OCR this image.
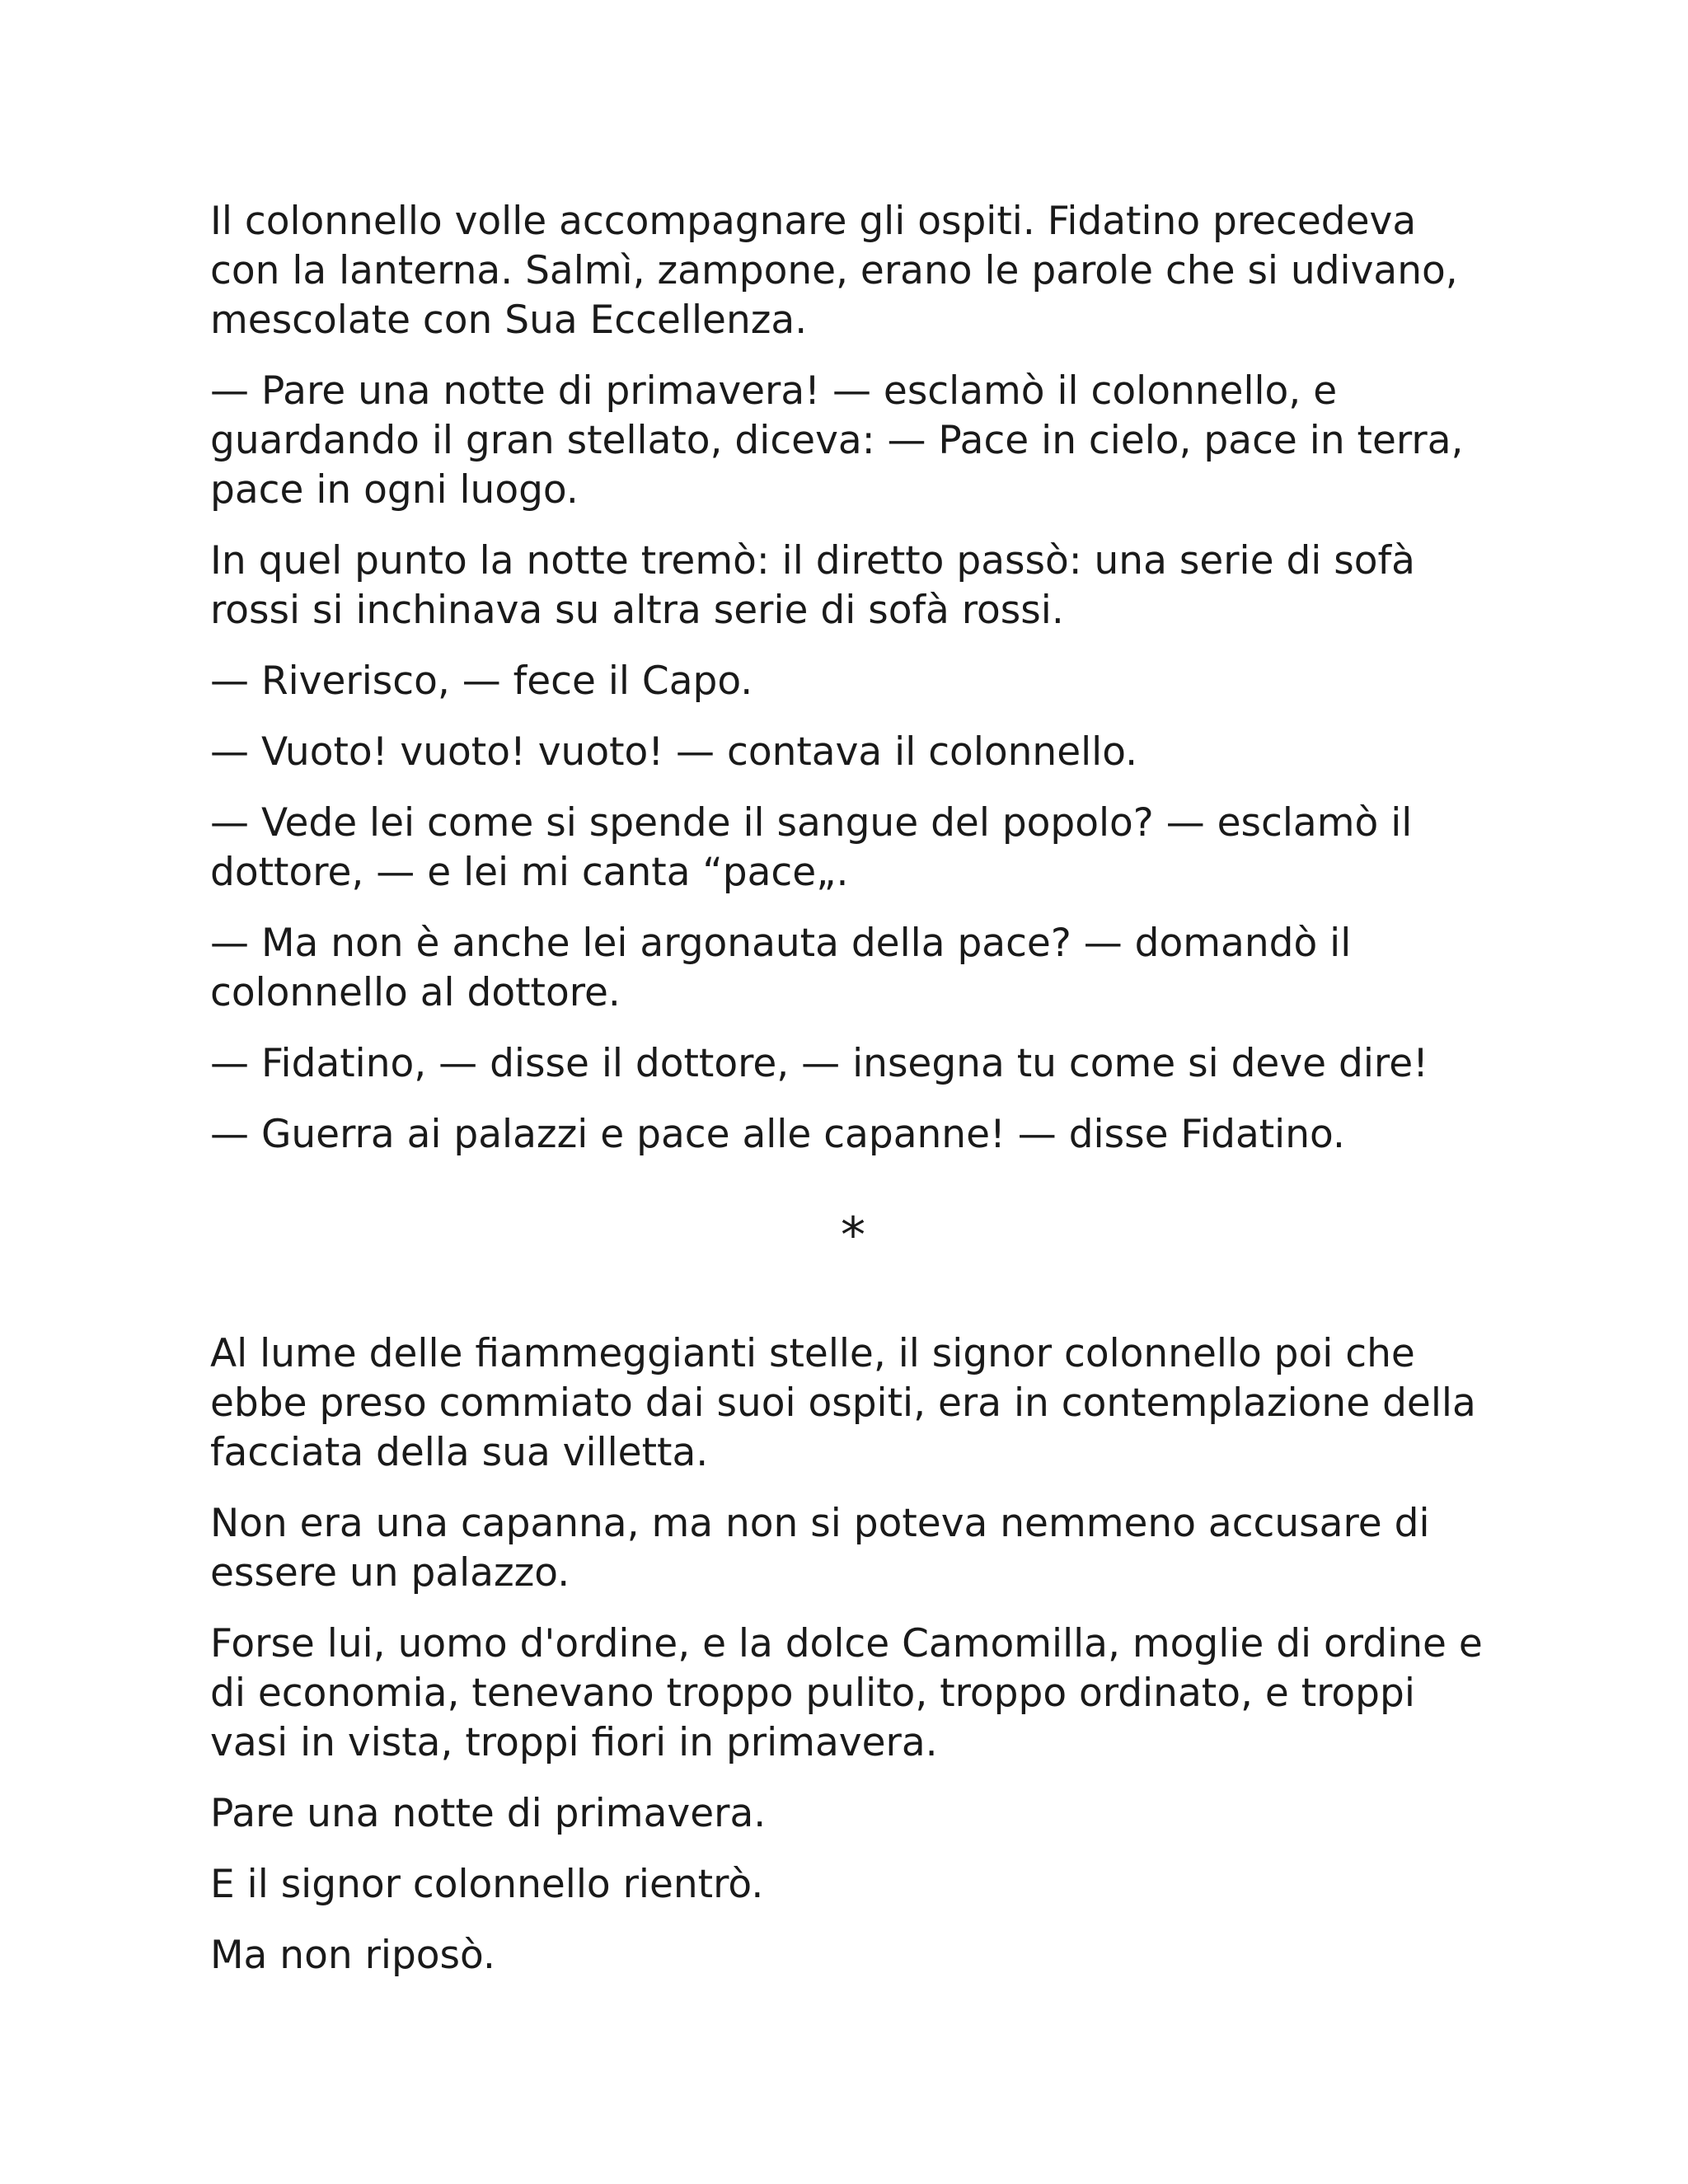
Il colonnello volle accompagnare gli ospiti. Fidatino precedeva con la lanterna. Salmì, zampone, erano le parole che si udivano, mescolate con Sua Eccellenza.

— Pare una notte di primavera! — esclamò il colonnello, e guardando il gran stellato, diceva: — Pace in cielo, pace in terra, pace in ogni luogo.

In quel punto la notte tremò: il diretto passò: una serie di sofà rossi si inchinava su altra serie di sofà rossi.

— Riverisco, — fece il Capo.

— Vuoto! vuoto! vuoto! — contava il colonnello.

— Vede lei come si spende il sangue del popolo? — esclamò il dottore, — e lei mi canta “pace„.

— Ma non è anche lei argonauta della pace? — domandò il colonnello al dottore.

— Fidatino, — disse il dottore, — insegna tu come si deve dire!

— Guerra ai palazzi e pace alle capanne! — disse Fidatino.

*

Al lume delle fiammeggianti stelle, il signor colonnello poi che ebbe preso commiato dai suoi ospiti, era in contemplazione della facciata della sua villetta.

Non era una capanna, ma non si poteva nemmeno accusare di essere un palazzo.

Forse lui, uomo d'ordine, e la dolce Camomilla, moglie di ordine e di economia, tenevano troppo pulito, troppo ordinato, e troppi vasi in vista, troppi fiori in primavera.

Pare una notte di primavera.

E il signor colonnello rientrò.

Ma non riposò.
